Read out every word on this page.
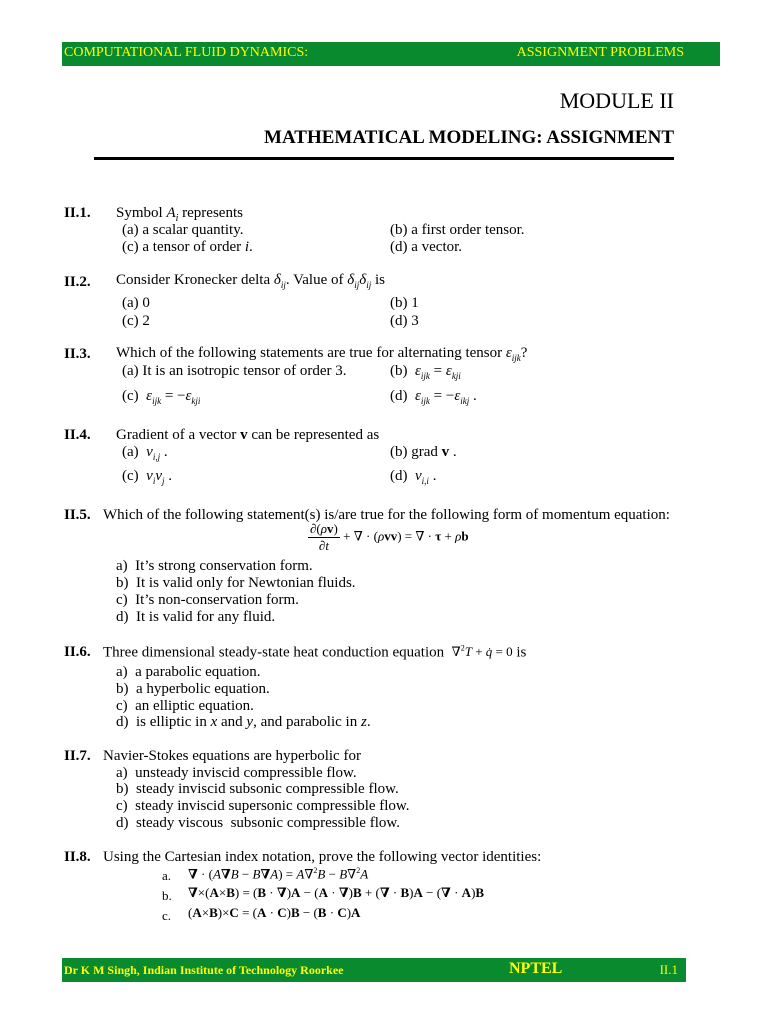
COMPUTATIONAL FLUID DYNAMICS:	ASSIGNMENT PROBLEMS
MODULE II
MATHEMATICAL MODELING: ASSIGNMENT
II.1. Symbol $A_i$ represents
(a) a scalar quantity.	(b) a first order tensor.
(c) a tensor of order i.	(d) a vector.
II.2. Consider Kronecker delta $\delta_{ij}$. Value of $\delta_{ij}\delta_{ij}$ is
(a) 0	(b) 1
(c) 2	(d) 3
II.3. Which of the following statements are true for alternating tensor $\varepsilon_{ijk}$?
(a) It is an isotropic tensor of order 3.	(b) $\varepsilon_{ijk} = \varepsilon_{kji}$
(c) $\varepsilon_{ijk} = -\varepsilon_{kji}$	(d) $\varepsilon_{ijk} = -\varepsilon_{ikj}$ .
II.4. Gradient of a vector v can be represented as
(a) $v_{i,j}$ .	(b) grad v .
(c) $v_iv_j$ .	(d) $v_{i,i}$ .
II.5. Which of the following statement(s) is/are true for the following form of momentum equation:
$\frac{\partial(\rho v)}{\partial t}$ + ∇ · (ρvv) = ∇ · τ + ρb
a)  It’s strong conservation form.
b)  It is valid only for Newtonian fluids.
c)  It’s non-conservation form.
d)  It is valid for any fluid.
II.6. Three dimensional steady-state heat conduction equation ∇$^2$T + q̇ = 0 is
a)  a parabolic equation.
b)  a hyperbolic equation.
c)  an elliptic equation.
d)  is elliptic in x and y, and parabolic in z.
II.7. Navier-Stokes equations are hyperbolic for
a)  unsteady inviscid compressible flow.
b)  steady inviscid subsonic compressible flow.
c)  steady inviscid supersonic compressible flow.
d)  steady viscous  subsonic compressible flow.
II.8. Using the Cartesian index notation, prove the following vector identities:
a. ∇ · (A∇B − B∇A) = A∇$^2$B − B∇$^2$A
b. ∇×(A×B) = (B · ∇)A − (A · ∇)B + (∇ · B)A − (∇ · A)B
c. (A×B)×C = (A · C)B − (B · C)A
Dr K M Singh, Indian Institute of Technology Roorkee	NPTEL	II.1
